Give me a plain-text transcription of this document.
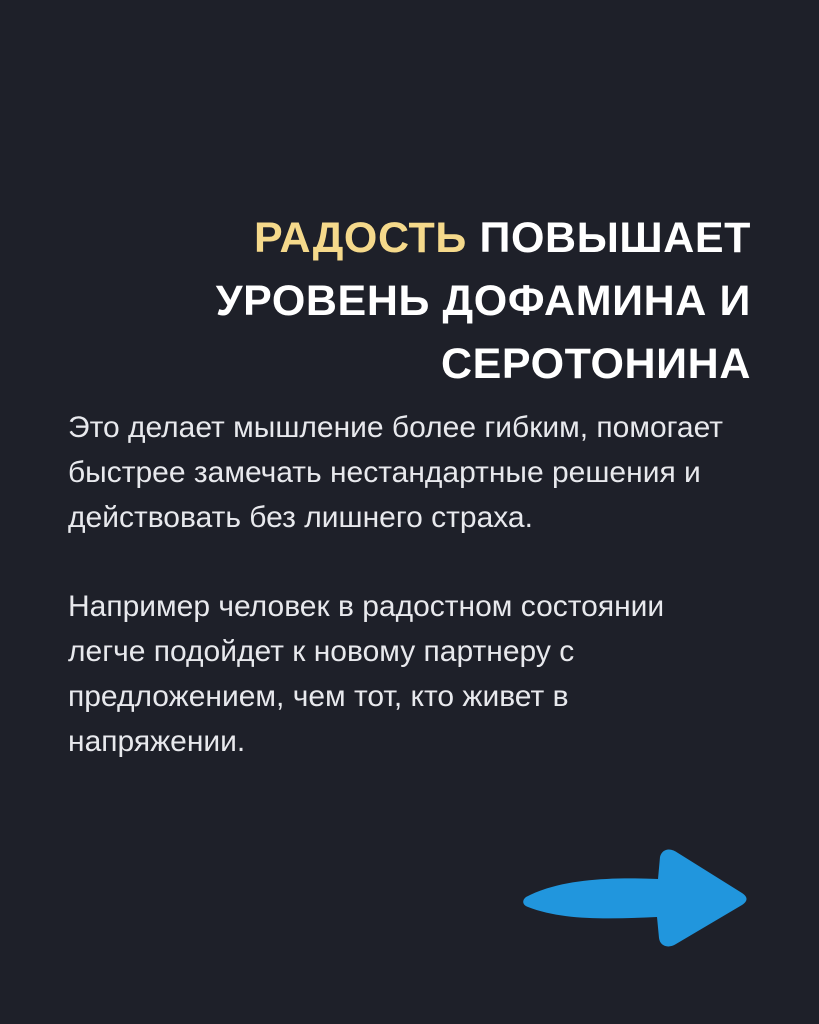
РАДОСТЬ ПОВЫШАЕТ УРОВЕНЬ ДОФАМИНА И СЕРОТОНИНА

Это делает мышление более гибким, помогает быстрее замечать нестандартные решения и действовать без лишнего страха.

Например человек в радостном состоянии легче подойдет к новому партнеру с предложением, чем тот, кто живет в напряжении.
